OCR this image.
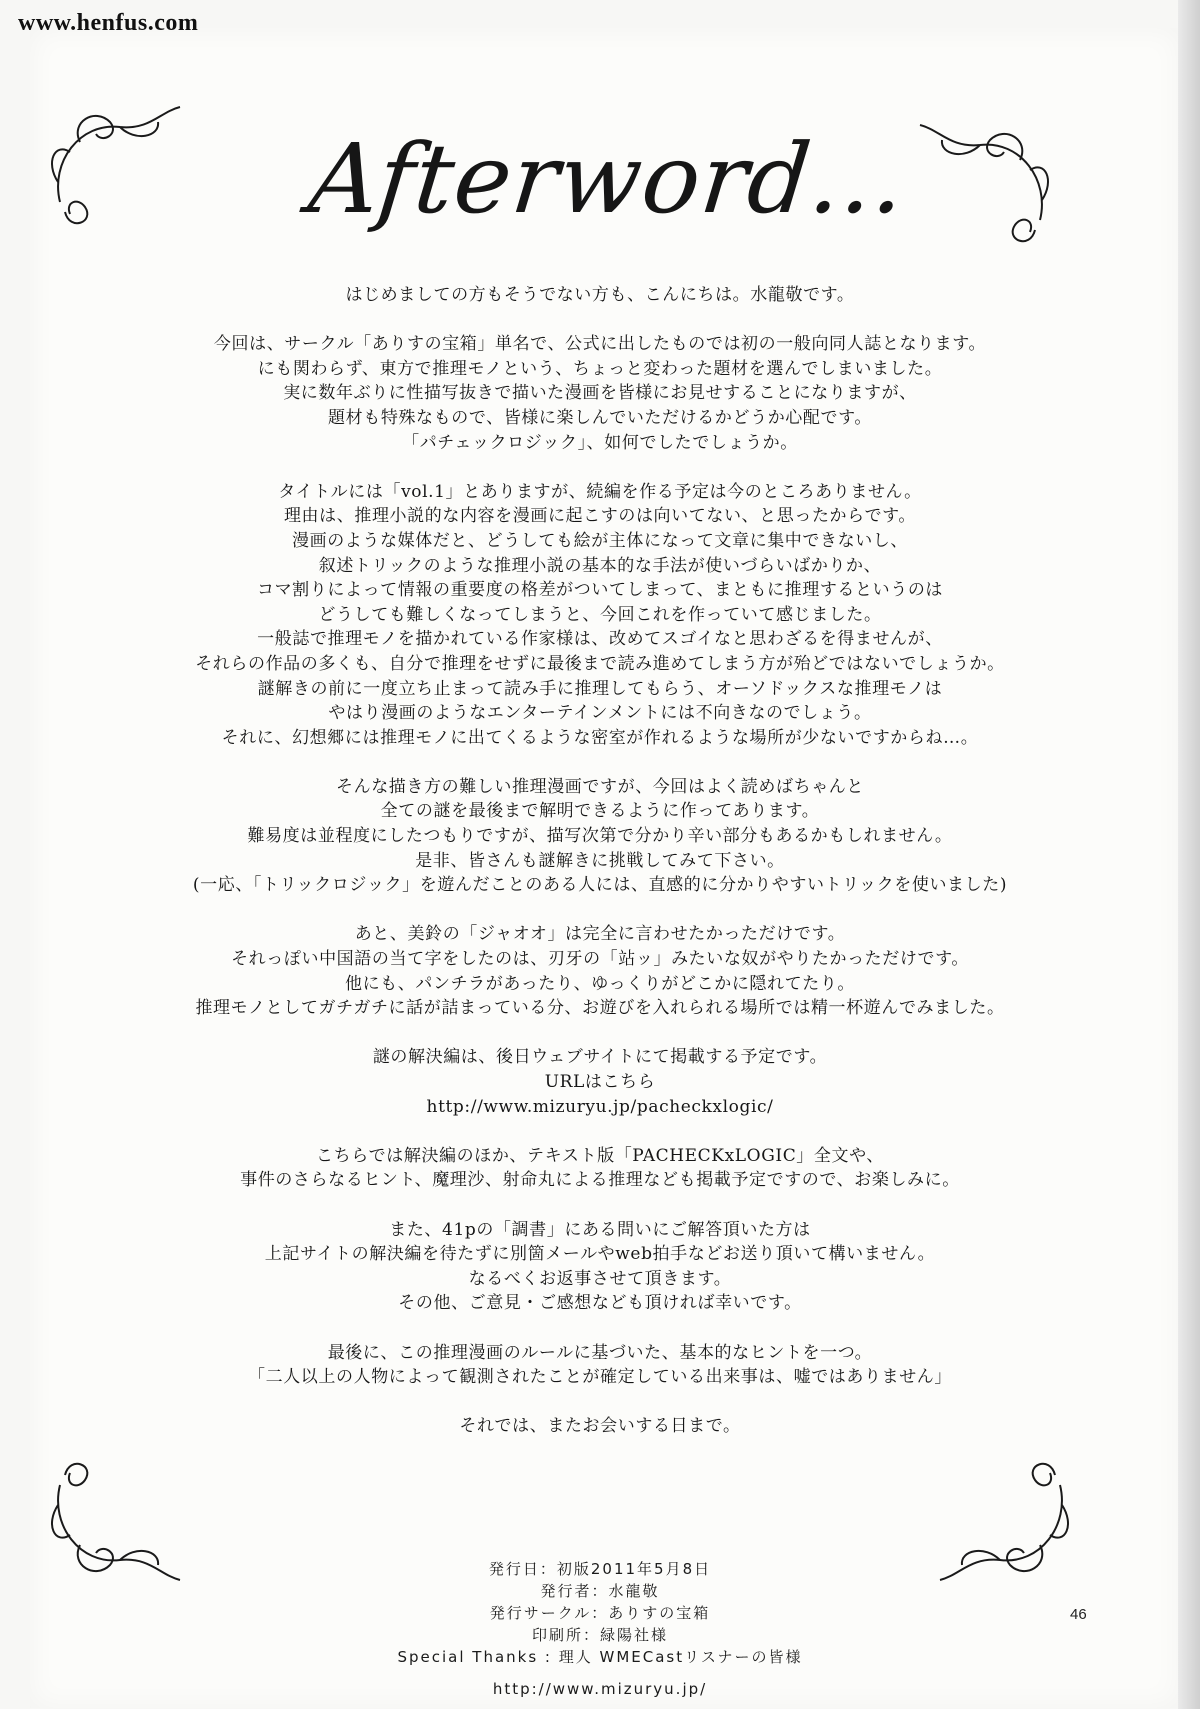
www.henfus.com
Afterword...
はじめましての方もそうでない方も、こんにちは。水龍敬です。
今回は、サークル「ありすの宝箱」単名で、公式に出したものでは初の一般向同人誌となります。
にも関わらず、東方で推理モノという、ちょっと変わった題材を選んでしまいました。
実に数年ぶりに性描写抜きで描いた漫画を皆様にお見せすることになりますが、
題材も特殊なもので、皆様に楽しんでいただけるかどうか心配です。
「パチェックロジック」、如何でしたでしょうか。
タイトルには「vol.1」とありますが、続編を作る予定は今のところありません。
理由は、推理小説的な内容を漫画に起こすのは向いてない、と思ったからです。
漫画のような媒体だと、どうしても絵が主体になって文章に集中できないし、
叙述トリックのような推理小説の基本的な手法が使いづらいばかりか、
コマ割りによって情報の重要度の格差がついてしまって、まともに推理するというのは
どうしても難しくなってしまうと、今回これを作っていて感じました。
一般誌で推理モノを描かれている作家様は、改めてスゴイなと思わざるを得ませんが、
それらの作品の多くも、自分で推理をせずに最後まで読み進めてしまう方が殆どではないでしょうか。
謎解きの前に一度立ち止まって読み手に推理してもらう、オーソドックスな推理モノは
やはり漫画のようなエンターテインメントには不向きなのでしょう。
それに、幻想郷には推理モノに出てくるような密室が作れるような場所が少ないですからね…。
そんな描き方の難しい推理漫画ですが、今回はよく読めばちゃんと
全ての謎を最後まで解明できるように作ってあります。
難易度は並程度にしたつもりですが、描写次第で分かり辛い部分もあるかもしれません。
是非、皆さんも謎解きに挑戦してみて下さい。
(一応、「トリックロジック」を遊んだことのある人には、直感的に分かりやすいトリックを使いました)
あと、美鈴の「ジャオオ」は完全に言わせたかっただけです。
それっぽい中国語の当て字をしたのは、刃牙の「站ッ」みたいな奴がやりたかっただけです。
他にも、パンチラがあったり、ゆっくりがどこかに隠れてたり。
推理モノとしてガチガチに話が詰まっている分、お遊びを入れられる場所では精一杯遊んでみました。
謎の解決編は、後日ウェブサイトにて掲載する予定です。
URLはこちら
http://www.mizuryu.jp/pacheckxlogic/
こちらでは解決編のほか、テキスト版「PACHECKxLOGIC」全文や、
事件のさらなるヒント、魔理沙、射命丸による推理なども掲載予定ですので、お楽しみに。
また、41pの「調書」にある問いにご解答頂いた方は
上記サイトの解決編を待たずに別箇メールやweb拍手などお送り頂いて構いません。
なるべくお返事させて頂きます。
その他、ご意見・ご感想なども頂ければ幸いです。
最後に、この推理漫画のルールに基づいた、基本的なヒントを一つ。
「二人以上の人物によって観測されたことが確定している出来事は、嘘ではありません」
それでは、またお会いする日まで。
発行日：初版2011年5月8日
発行者：水龍敬
発行サークル：ありすの宝箱
印刷所：緑陽社様
Special Thanks : 理人 WMECastリスナーの皆様
http://www.mizuryu.jp/
46
